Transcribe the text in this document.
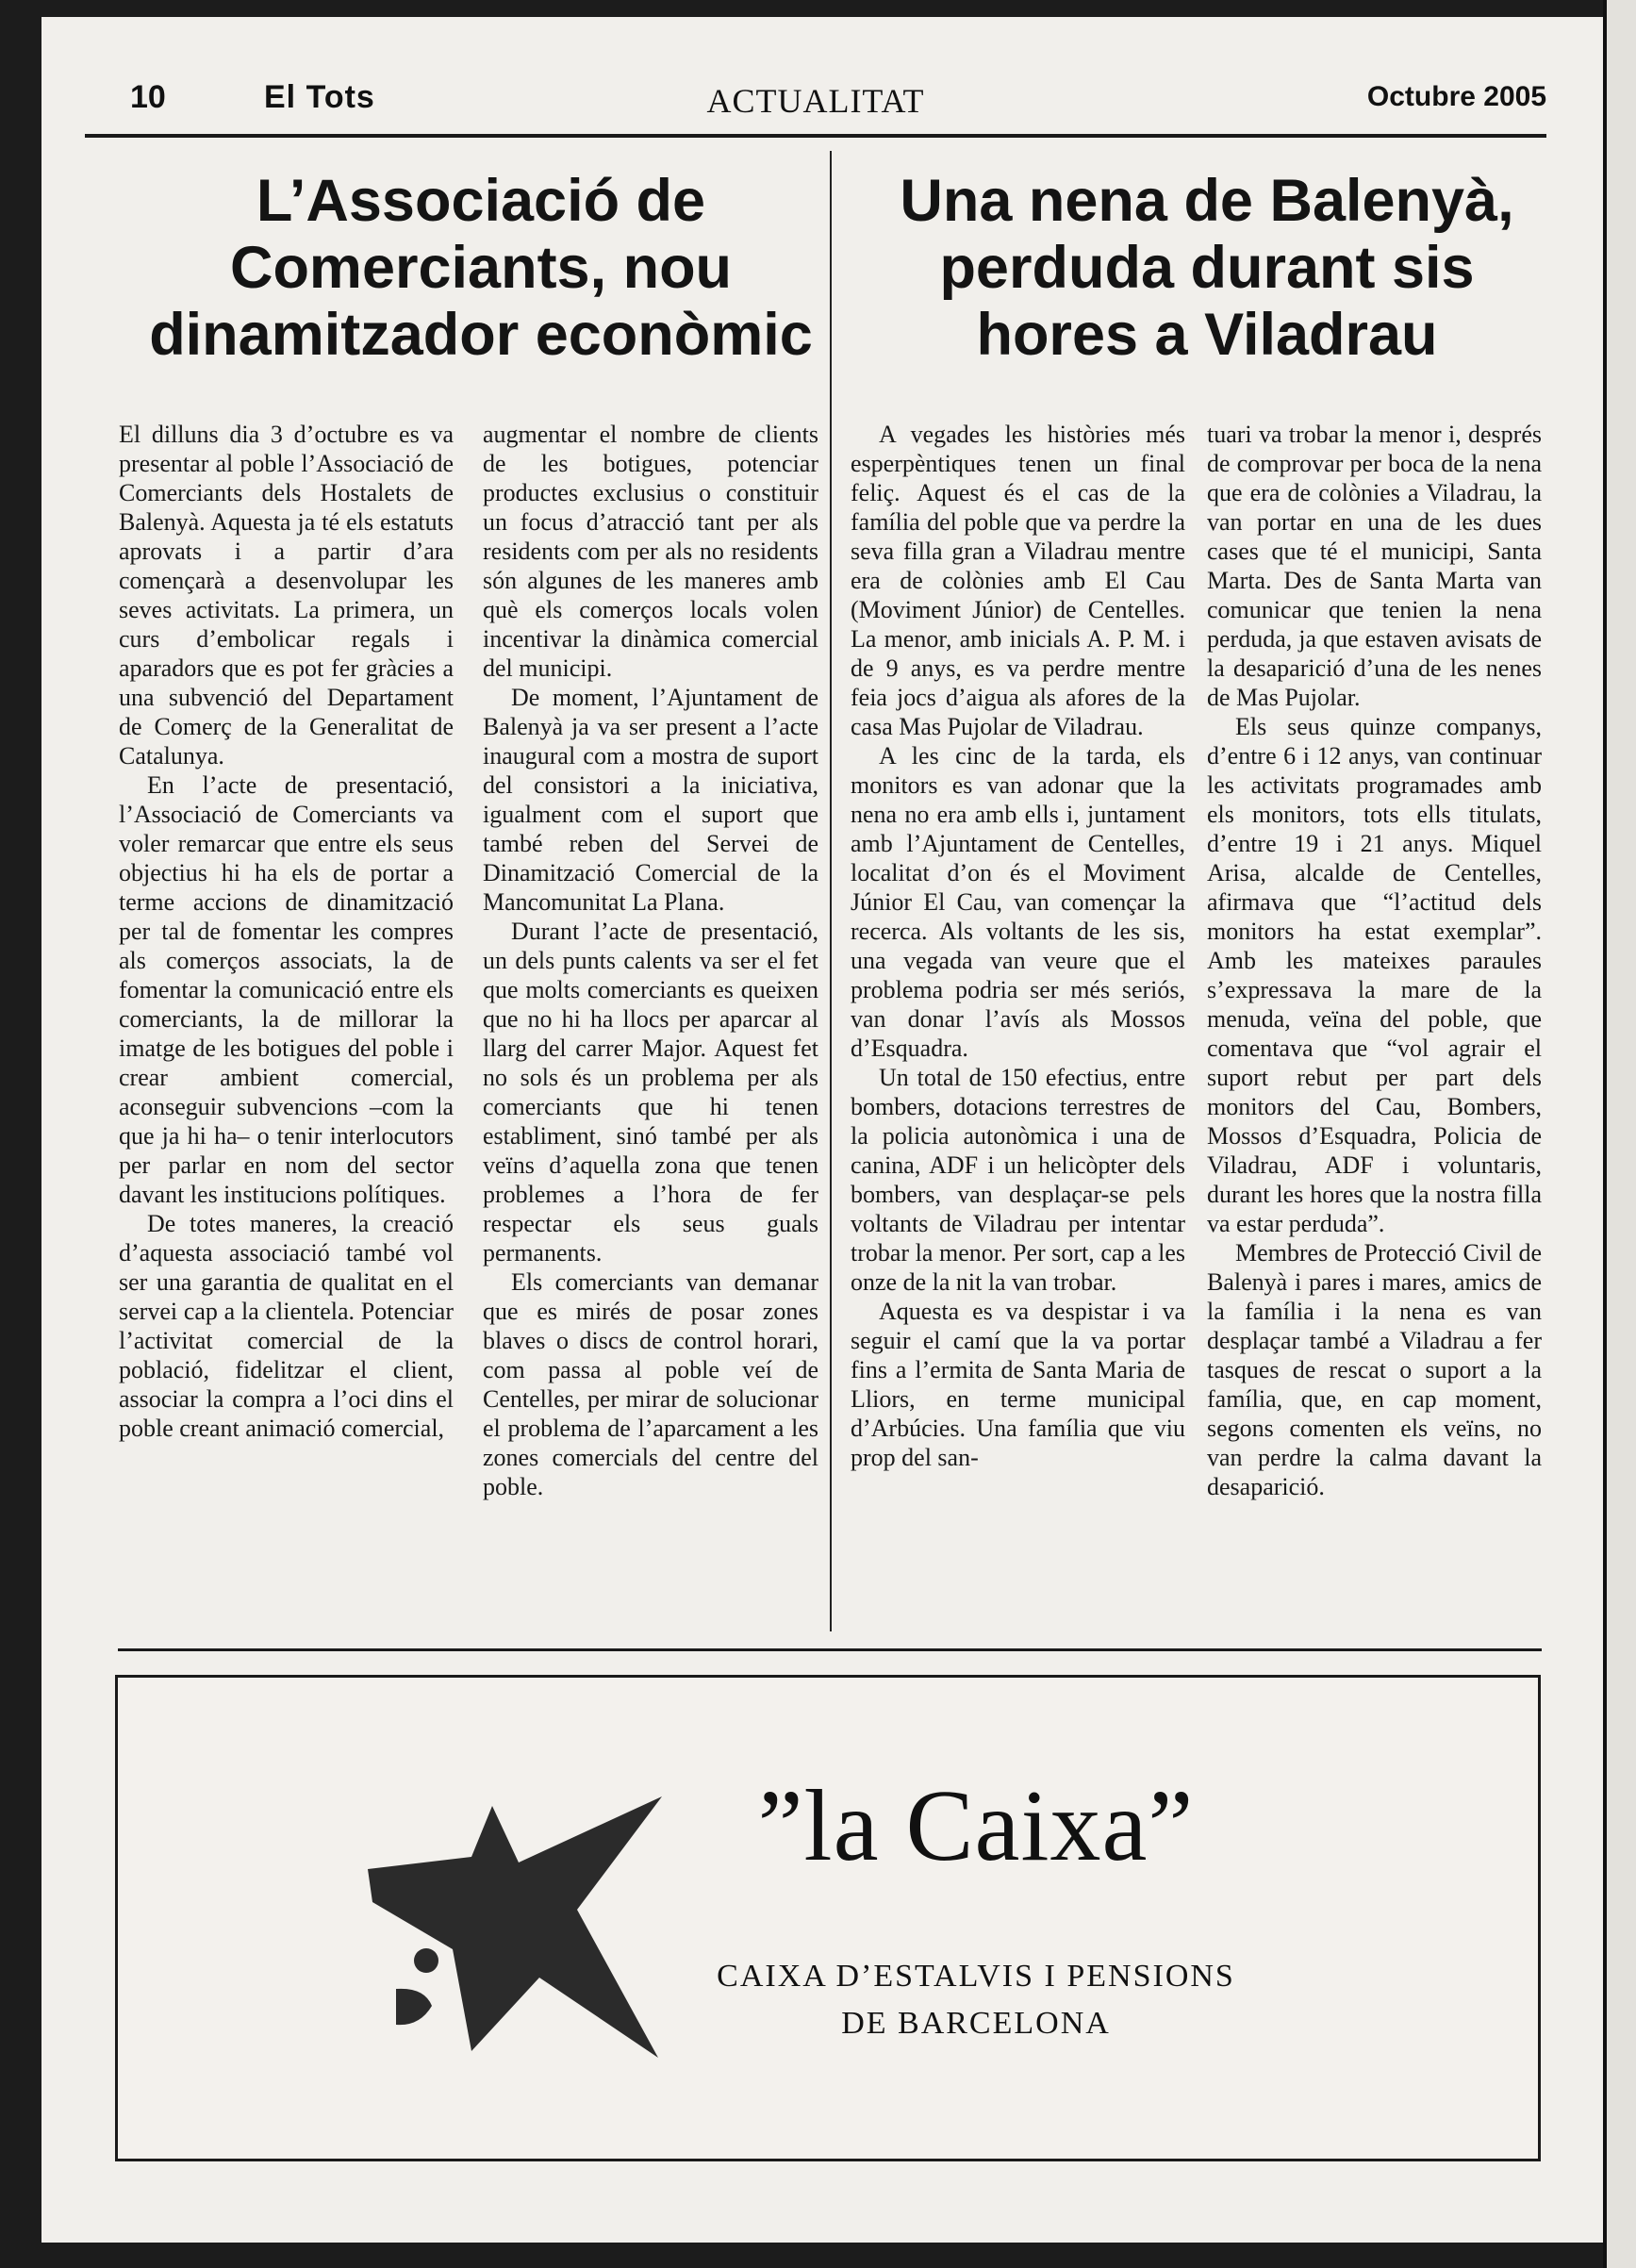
10	El Tots	ACTUALITAT	Octubre 2005
L’Associació de Comerciants, nou dinamitzador econòmic
Una nena de Balenyà, perduda durant sis hores a Viladrau

El dilluns dia 3 d’octubre es va presentar al poble l’Associació de Comerciants dels Hostalets de Balenyà. Aquesta ja té els estatuts aprovats i a partir d’ara començarà a desenvolupar les seves activitats. La primera, un curs d’embolicar regals i aparadors que es pot fer gràcies a una subvenció del Departament de Comerç de la Generalitat de Catalunya.

En l’acte de presentació, l’Associació de Comerciants va voler remarcar que entre els seus objectius hi ha els de portar a terme accions de dinamització per tal de fomentar les compres als comerços associats, la de fomentar la comunicació entre els comerciants, la de millorar la imatge de les botigues del poble i crear ambient comercial, aconseguir subvencions –com la que ja hi ha– o tenir interlocutors per parlar en nom del sector davant les institucions polítiques.

De totes maneres, la creació d’aquesta associació també vol ser una garantia de qualitat en el servei cap a la clientela. Potenciar l’activitat comercial de la població, fidelitzar el client, associar la compra a l’oci dins el poble creant animació comercial,

augmentar el nombre de clients de les botigues, potenciar productes exclusius o constituir un focus d’atracció tant per als residents com per als no residents són algunes de les maneres amb què els comerços locals volen incentivar la dinàmica comercial del municipi.

De moment, l’Ajuntament de Balenyà ja va ser present a l’acte inaugural com a mostra de suport del consistori a la iniciativa, igualment com el suport que també reben del Servei de Dinamització Comercial de la Mancomunitat La Plana.

Durant l’acte de presentació, un dels punts calents va ser el fet que molts comerciants es queixen que no hi ha llocs per aparcar al llarg del carrer Major. Aquest fet no sols és un problema per als comerciants que hi tenen establiment, sinó també per als veïns d’aquella zona que tenen problemes a l’hora de fer respectar els seus guals permanents.

Els comerciants van demanar que es mirés de posar zones blaves o discs de control horari, com passa al poble veí de Centelles, per mirar de solucionar el problema de l’aparcament a les zones comercials del centre del poble.

A vegades les històries més esperpèntiques tenen un final feliç. Aquest és el cas de la família del poble que va perdre la seva filla gran a Viladrau mentre era de colònies amb El Cau (Moviment Júnior) de Centelles. La menor, amb inicials A. P. M. i de 9 anys, es va perdre mentre feia jocs d’aigua als afores de la casa Mas Pujolar de Viladrau.

A les cinc de la tarda, els monitors es van adonar que la nena no era amb ells i, juntament amb l’Ajuntament de Centelles, localitat d’on és el Moviment Júnior El Cau, van començar la recerca. Als voltants de les sis, una vegada van veure que el problema podria ser més seriós, van donar l’avís als Mossos d’Esquadra.

Un total de 150 efectius, entre bombers, dotacions terrestres de la policia autonòmica i una de canina, ADF i un helicòpter dels bombers, van desplaçar-se pels voltants de Viladrau per intentar trobar la menor. Per sort, cap a les onze de la nit la van trobar.

Aquesta es va despistar i va seguir el camí que la va portar fins a l’ermita de Santa Maria de Lliors, en terme municipal d’Arbúcies. Una família que viu prop del san-

tuari va trobar la menor i, després de comprovar per boca de la nena que era de colònies a Viladrau, la van portar en una de les dues cases que té el municipi, Santa Marta. Des de Santa Marta van comunicar que tenien la nena perduda, ja que estaven avisats de la desaparició d’una de les nenes de Mas Pujolar.

Els seus quinze companys, d’entre 6 i 12 anys, van continuar les activitats programades amb els monitors, tots ells titulats, d’entre 19 i 21 anys. Miquel Arisa, alcalde de Centelles, afirmava que “l’actitud dels monitors ha estat exemplar”. Amb les mateixes paraules s’expressava la mare de la menuda, veïna del poble, que comentava que “vol agrair el suport rebut per part dels monitors del Cau, Bombers, Mossos d’Esquadra, Policia de Viladrau, ADF i voluntaris, durant les hores que la nostra filla va estar perduda”.

Membres de Protecció Civil de Balenyà i pares i mares, amics de la família i la nena es van desplaçar també a Viladrau a fer tasques de rescat o suport a la família, que, en cap moment, segons comenten els veïns, no van perdre la calma davant la desaparició.

”la Caixa”
CAIXA D’ESTALVIS I PENSIONS
DE BARCELONA
